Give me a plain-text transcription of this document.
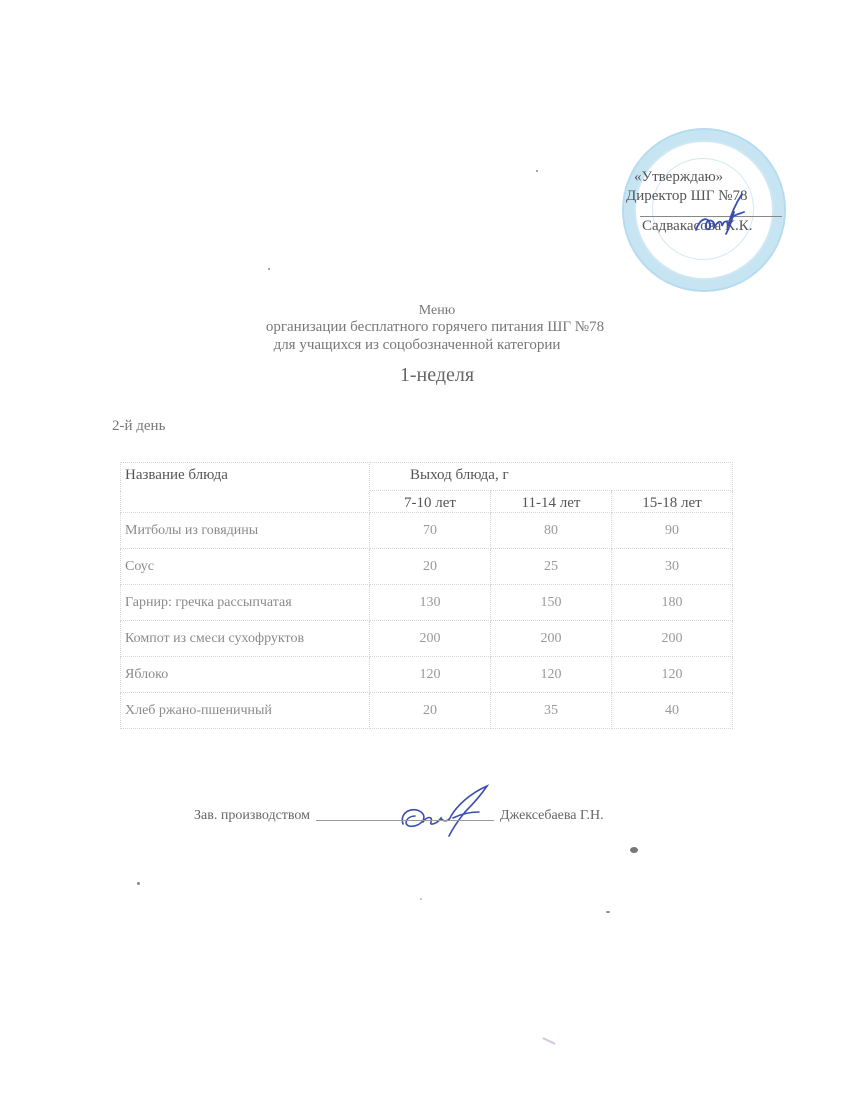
«Утверждаю»
Директор ШГ №78
Садвакасова К.К.
Меню
организации бесплатного горячего питания ШГ №78
для учащихся из соцобозначенной категории
1-неделя
2-й день
Название блюда	Выход блюда, г		
	7-10 лет	11-14 лет	15-18 лет
Митболы из говядины	70	80	90
Соус	20	25	30
Гарнир: гречка рассыпчатая	130	150	180
Компот из смеси сухофруктов	200	200	200
Яблоко	120	120	120
Хлеб ржано-пшеничный	20	35	40
Зав. производством	Джексебаева Г.Н.
